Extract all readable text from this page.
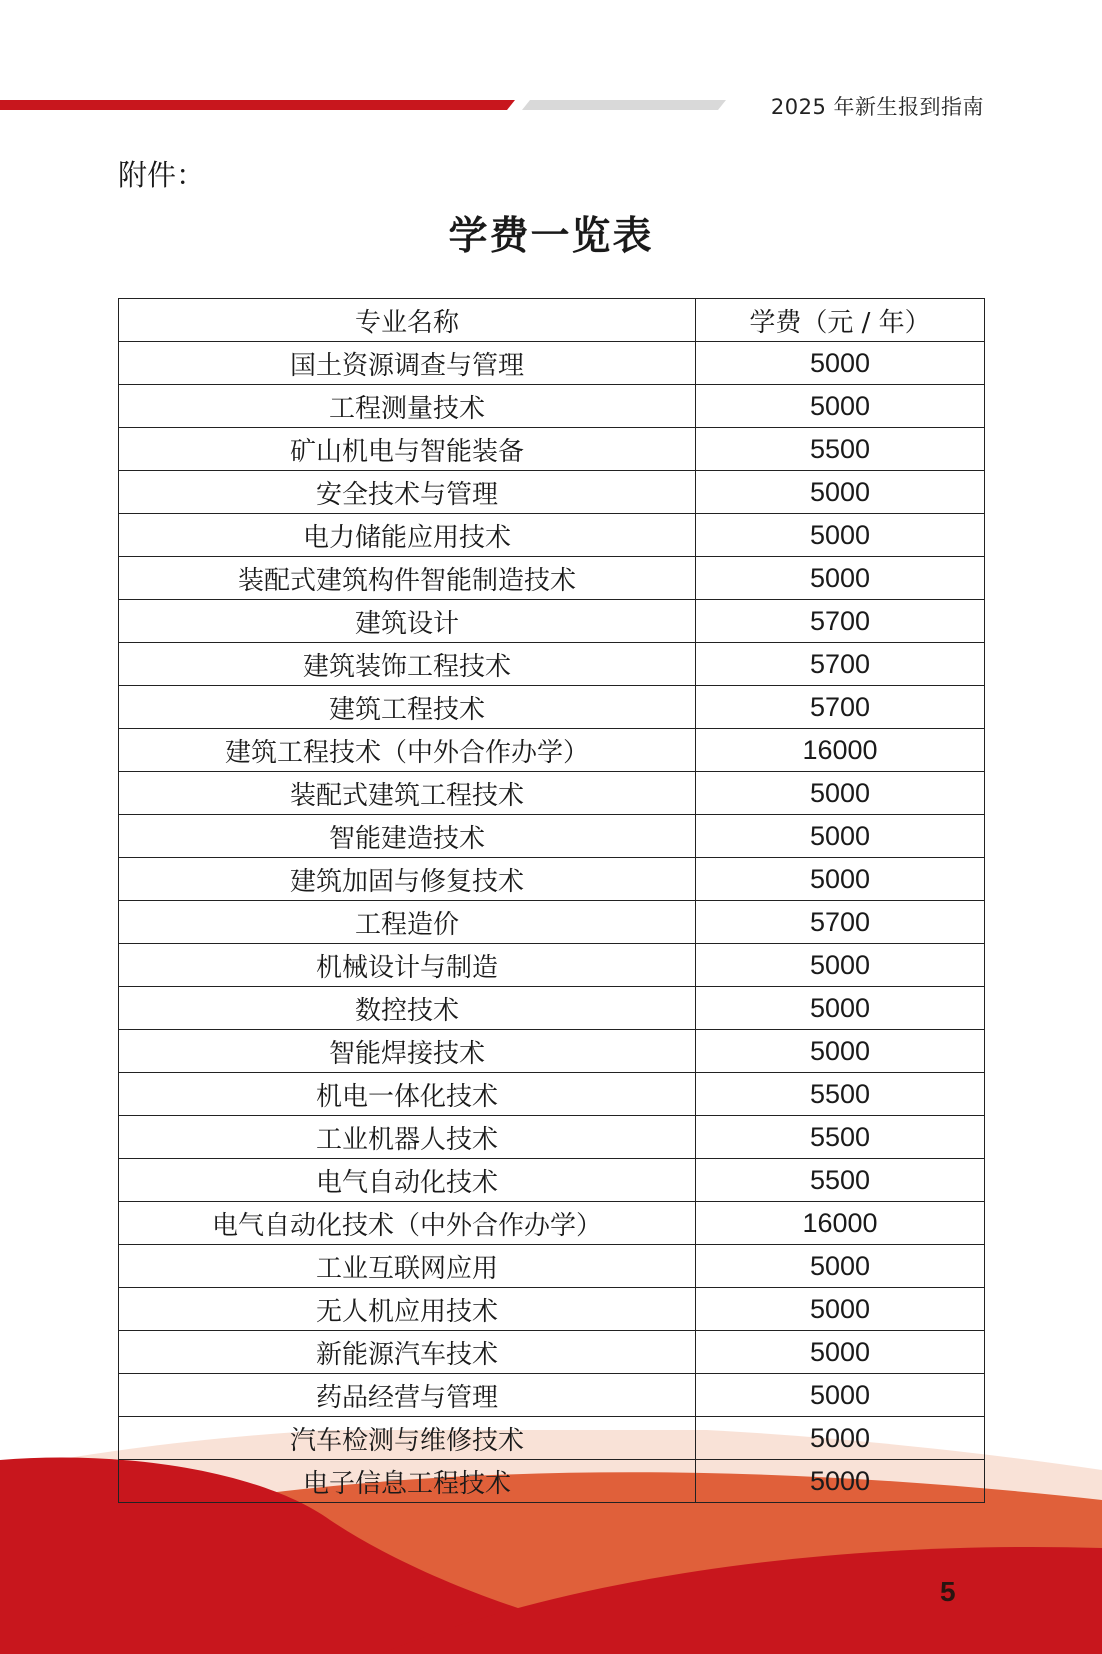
2025 年新生报到指南
附件：
学费一览表
专业名称	学费（元 / 年）
国土资源调查与管理	5000
工程测量技术	5000
矿山机电与智能装备	5500
安全技术与管理	5000
电力储能应用技术	5000
装配式建筑构件智能制造技术	5000
建筑设计	5700
建筑装饰工程技术	5700
建筑工程技术	5700
建筑工程技术（中外合作办学）	16000
装配式建筑工程技术	5000
智能建造技术	5000
建筑加固与修复技术	5000
工程造价	5700
机械设计与制造	5000
数控技术	5000
智能焊接技术	5000
机电一体化技术	5500
工业机器人技术	5500
电气自动化技术	5500
电气自动化技术（中外合作办学）	16000
工业互联网应用	5000
无人机应用技术	5000
新能源汽车技术	5000
药品经营与管理	5000
汽车检测与维修技术	5000
电子信息工程技术	5000
5
